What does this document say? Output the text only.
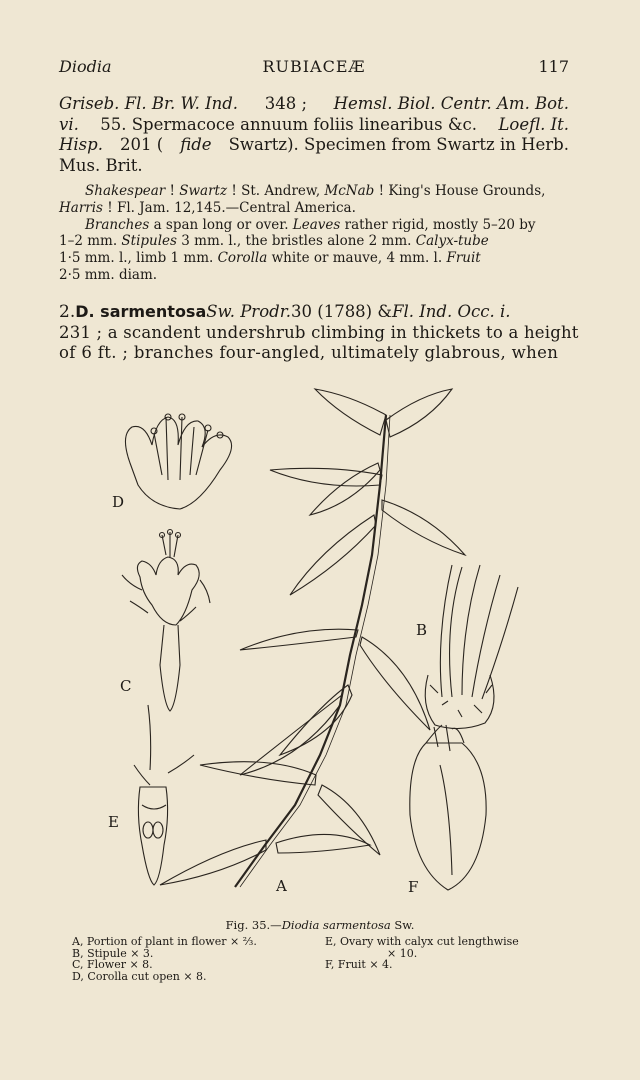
Diodia	RUBIACEÆ	117
Griseb. Fl. Br. W. Ind. 348 ; Hemsl. Biol. Centr. Am. Bot.
vi. 55. Spermacoce annuum foliis linearibus &c. Loefl. It.
Hisp. 201 ( fide Swartz). Specimen from Swartz in Herb.
Mus. Brit.
Shakespear ! Swartz ! St. Andrew, McNab ! King's House Grounds,
Harris ! Fl. Jam. 12,145.—Central America.
Branches a span long or over. Leaves rather rigid, mostly 5–20 by
1–2 mm. Stipules 3 mm. l., the bristles alone 2 mm. Calyx-tube
1·5 mm. l., limb 1 mm. Corolla white or mauve, 4 mm. l. Fruit
2·5 mm. diam.
2. D. sarmentosa Sw. Prodr. 30 (1788) & Fl. Ind. Occ. i.
231 ; a scandent undershrub climbing in thickets to a height
of 6 ft. ; branches four-angled, ultimately glabrous, when
D
C
E
A
B
F
Fig. 35.—Diodia sarmentosa Sw.
A, Portion of plant in flower × ⅔.
B, Stipule × 3.
C, Flower × 8.
D, Corolla cut open × 8.
E, Ovary with calyx cut lengthwise
× 10.
F, Fruit × 4.
